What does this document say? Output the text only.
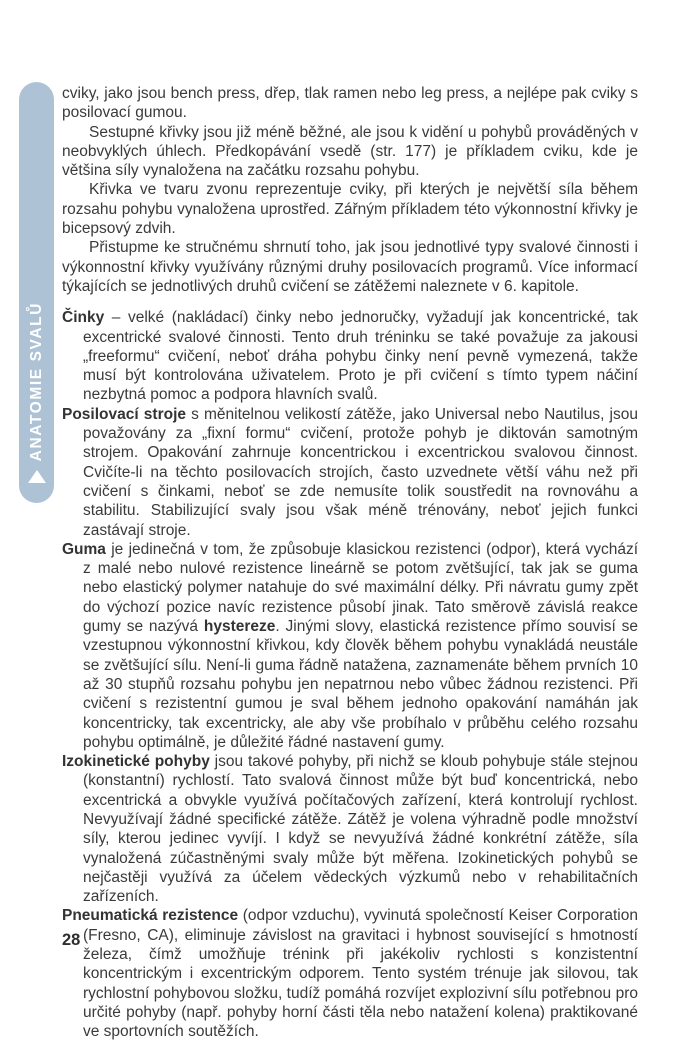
ANATOMIE SVALŮ

cviky, jako jsou bench press, dřep, tlak ramen nebo leg press, a nejlépe pak cviky s posilovací gumou.

Sestupné křivky jsou již méně běžné, ale jsou k vidění u pohybů prováděných v neobvyklých úhlech. Předkopávání vsedě (str. 177) je příkladem cviku, kde je většina síly vynaložena na začátku rozsahu pohybu.

Křivka ve tvaru zvonu reprezentuje cviky, při kterých je největší síla během rozsahu pohybu vynaložena uprostřed. Zářným příkladem této výkonnostní křivky je bicepsový zdvih.

Přistupme ke stručnému shrnutí toho, jak jsou jednotlivé typy svalové činnosti i výkonnostní křivky využívány různými druhy posilovacích programů. Více informací týkajících se jednotlivých druhů cvičení se zátěžemi naleznete v 6. kapitole.

Činky – velké (nakládací) činky nebo jednoručky, vyžadují jak koncentrické, tak excentrické svalové činnosti. Tento druh tréninku se také považuje za jakousi „freeformu“ cvičení, neboť dráha pohybu činky není pevně vymezená, takže musí být kontrolována uživatelem. Proto je při cvičení s tímto typem náčiní nezbytná pomoc a podpora hlavních svalů.

Posilovací stroje s měnitelnou velikostí zátěže, jako Universal nebo Nautilus, jsou považovány za „fixní formu“ cvičení, protože pohyb je diktován samotným strojem. Opakování zahrnuje koncentrickou i excentrickou svalovou činnost. Cvičíte-li na těchto posilovacích strojích, často uzvednete větší váhu než při cvičení s činkami, neboť se zde nemusíte tolik soustředit na rovnováhu a stabilitu. Stabilizující svaly jsou však méně trénovány, neboť jejich funkci zastávají stroje.

Guma je jedinečná v tom, že způsobuje klasickou rezistenci (odpor), která vychází z malé nebo nulové rezistence lineárně se potom zvětšující, tak jak se guma nebo elastický polymer natahuje do své maximální délky. Při návratu gumy zpět do výchozí pozice navíc rezistence působí jinak. Tato směrově závislá reakce gumy se nazývá hystereze. Jinými slovy, elastická rezistence přímo souvisí se vzestupnou výkonnostní křivkou, kdy člověk během pohybu vynakládá neustále se zvětšující sílu. Není-li guma řádně natažena, zaznamenáte během prvních 10 až 30 stupňů rozsahu pohybu jen nepatrnou nebo vůbec žádnou rezistenci. Při cvičení s rezistentní gumou je sval během jednoho opakování namáhán jak koncentricky, tak excentricky, ale aby vše probíhalo v průběhu celého rozsahu pohybu optimálně, je důležité řádné nastavení gumy.

Izokinetické pohyby jsou takové pohyby, při nichž se kloub pohybuje stále stejnou (konstantní) rychlostí. Tato svalová činnost může být buď koncentrická, nebo excentrická a obvykle využívá počítačových zařízení, která kontrolují rychlost. Nevyužívají žádné specifické zátěže. Zátěž je volena výhradně podle množství síly, kterou jedinec vyvíjí. I když se nevyužívá žádné konkrétní zátěže, síla vynaložená zúčastněnými svaly může být měřena. Izokinetických pohybů se nejčastěji využívá za účelem vědeckých výzkumů nebo v rehabilitačních zařízeních.

Pneumatická rezistence (odpor vzduchu), vyvinutá společností Keiser Corporation (Fresno, CA), eliminuje závislost na gravitaci i hybnost související s hmotností železa, čímž umožňuje trénink při jakékoliv rychlosti s konzistentní koncentrickým i excentrickým odporem. Tento systém trénuje jak silovou, tak rychlostní pohybovou složku, tudíž pomáhá rozvíjet explozivní sílu potřebnou pro určité pohyby (např. pohyby horní části těla nebo natažení kolena) praktikované ve sportovních soutěžích.

28
